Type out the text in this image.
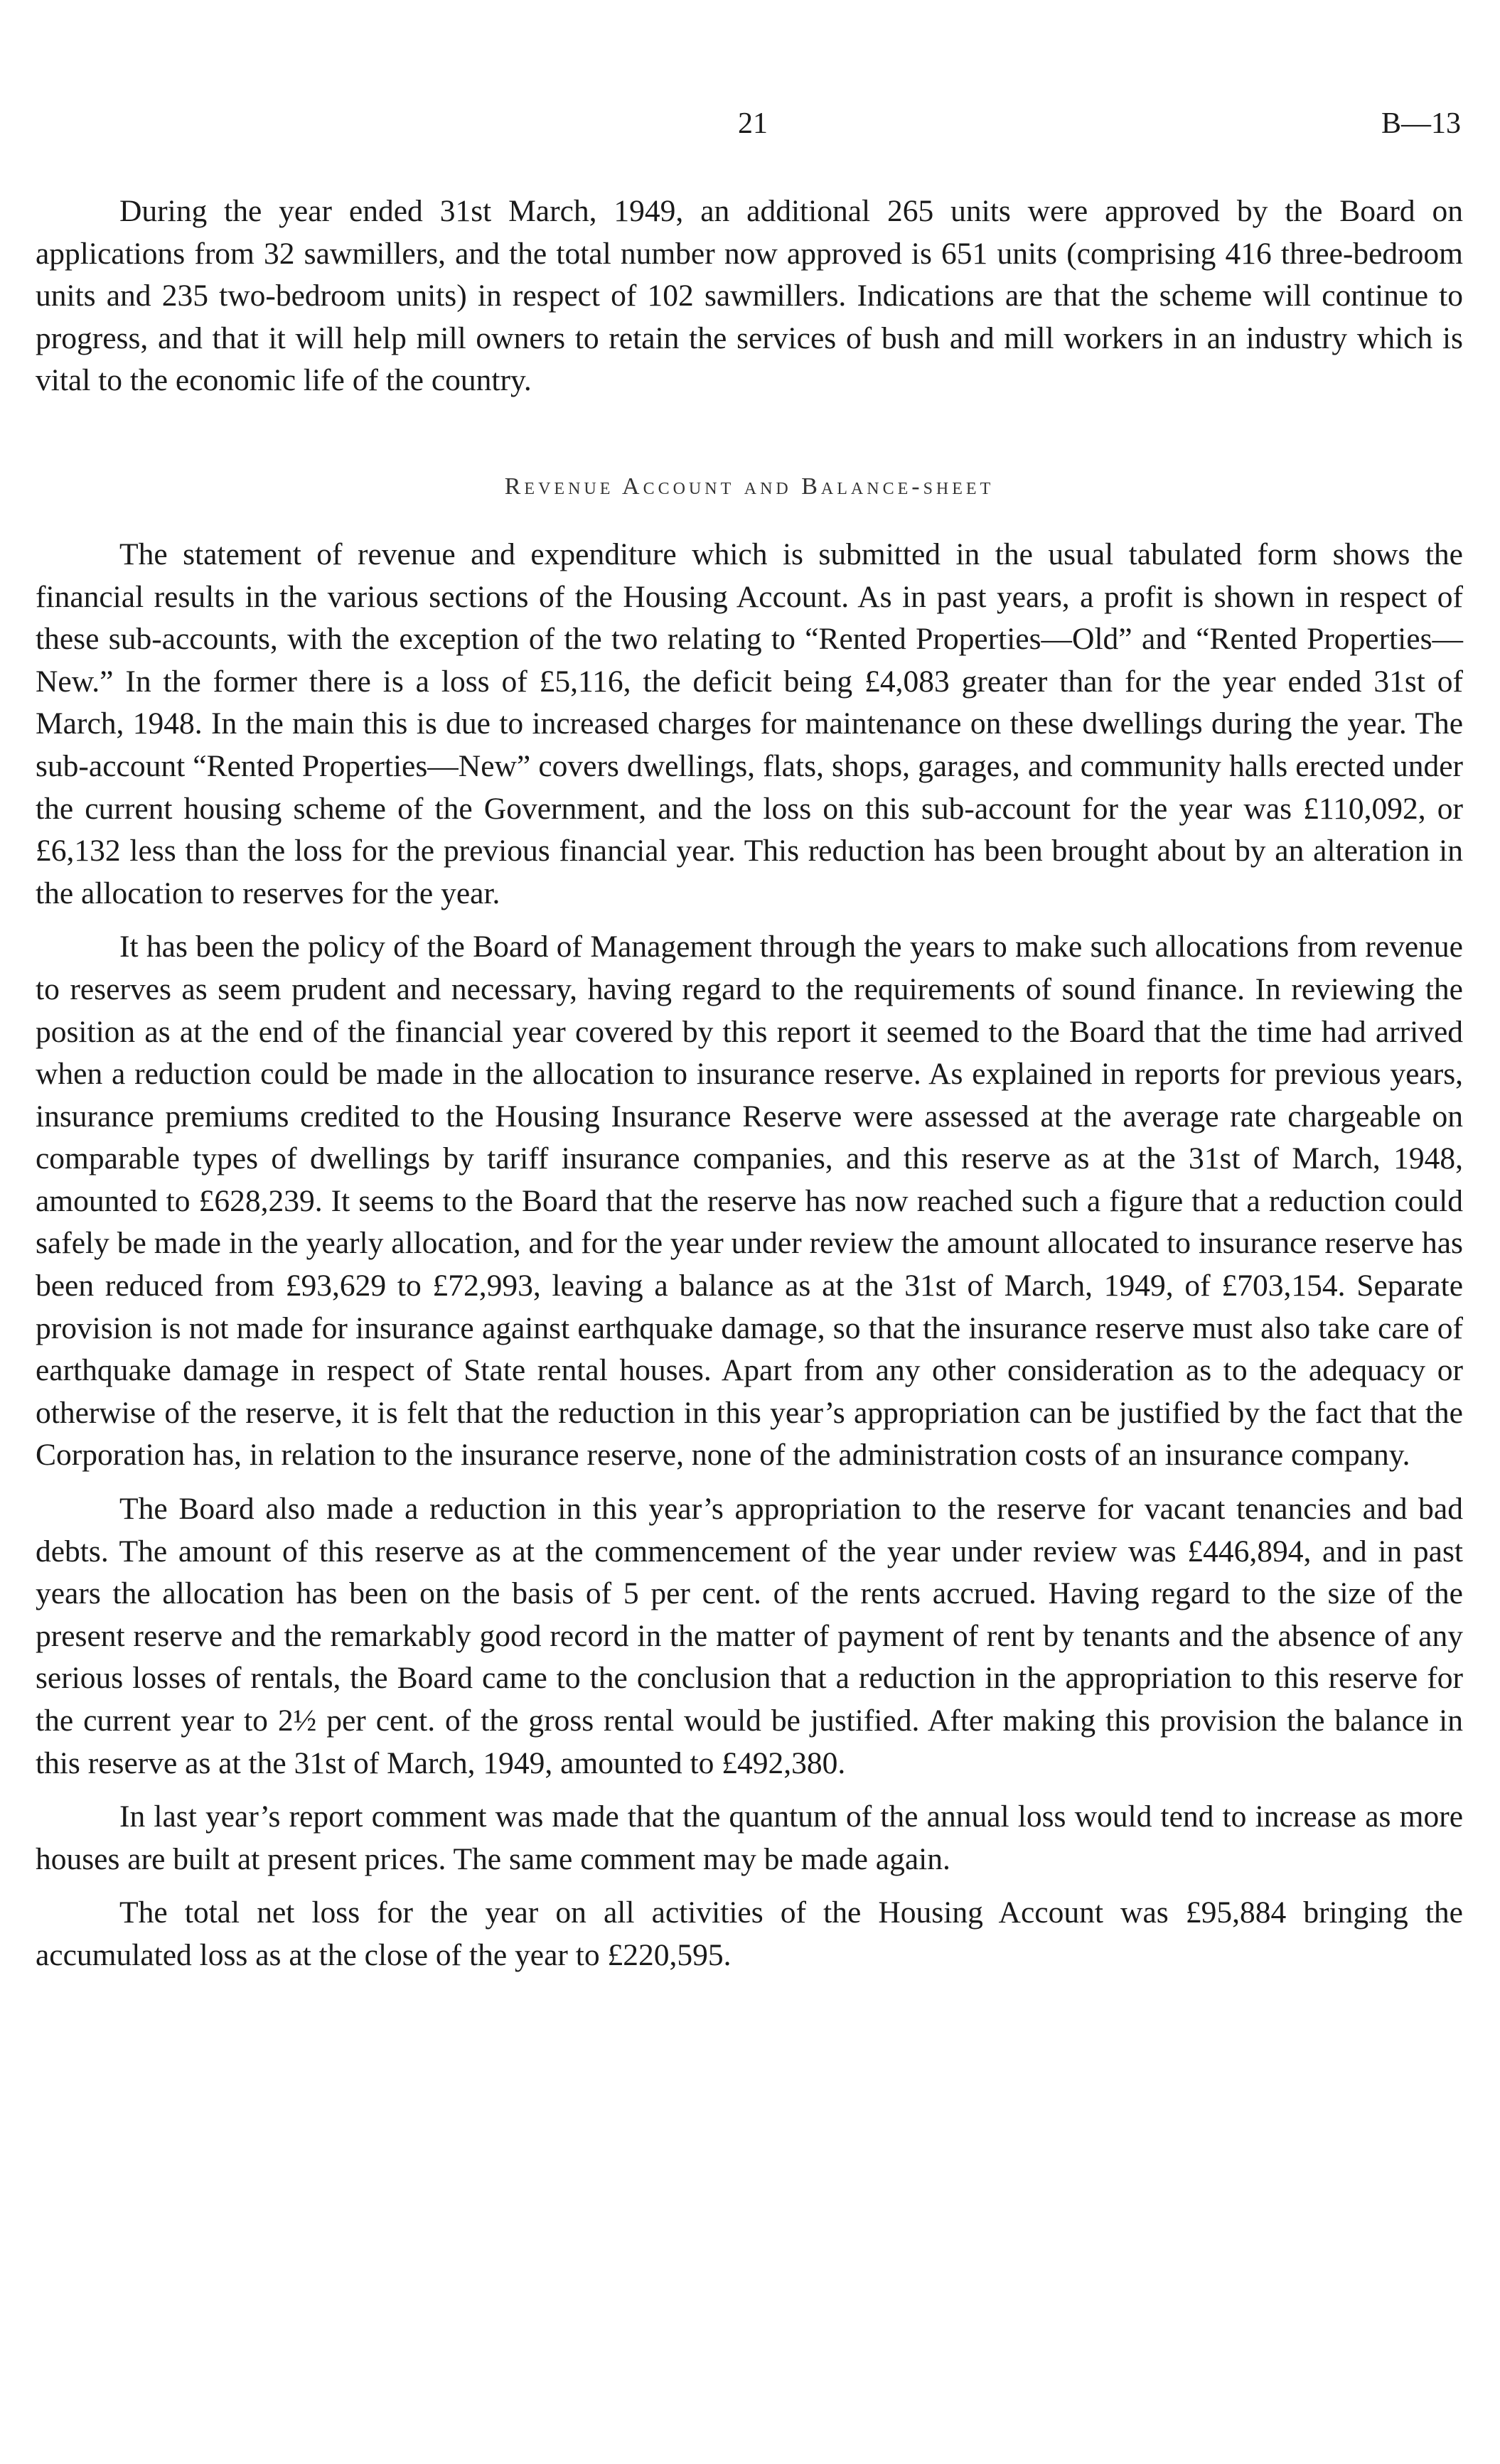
21	B—13

During the year ended 31st March, 1949, an additional 265 units were approved by the Board on applications from 32 sawmillers, and the total number now approved is 651 units (comprising 416 three-bedroom units and 235 two-bedroom units) in respect of 102 sawmillers. Indications are that the scheme will continue to progress, and that it will help mill owners to retain the services of bush and mill workers in an industry which is vital to the economic life of the country.

Revenue Account and Balance-sheet

The statement of revenue and expenditure which is submitted in the usual tabulated form shows the financial results in the various sections of the Housing Account. As in past years, a profit is shown in respect of these sub-accounts, with the exception of the two relating to “Rented Properties—Old” and “Rented Properties—New.” In the former there is a loss of £5,116, the deficit being £4,083 greater than for the year ended 31st of March, 1948. In the main this is due to increased charges for maintenance on these dwellings during the year. The sub-account “Rented Properties—New” covers dwellings, flats, shops, garages, and community halls erected under the current housing scheme of the Government, and the loss on this sub-account for the year was £110,092, or £6,132 less than the loss for the previous financial year. This reduction has been brought about by an alteration in the allocation to reserves for the year.

It has been the policy of the Board of Management through the years to make such allocations from revenue to reserves as seem prudent and necessary, having regard to the requirements of sound finance. In reviewing the position as at the end of the financial year covered by this report it seemed to the Board that the time had arrived when a reduction could be made in the allocation to insurance reserve. As explained in reports for previous years, insurance premiums credited to the Housing Insurance Reserve were assessed at the average rate chargeable on comparable types of dwellings by tariff insurance companies, and this reserve as at the 31st of March, 1948, amounted to £628,239. It seems to the Board that the reserve has now reached such a figure that a reduction could safely be made in the yearly allocation, and for the year under review the amount allocated to insurance reserve has been reduced from £93,629 to £72,993, leaving a balance as at the 31st of March, 1949, of £703,154. Separate provision is not made for insurance against earthquake damage, so that the insurance reserve must also take care of earthquake damage in respect of State rental houses. Apart from any other consideration as to the adequacy or otherwise of the reserve, it is felt that the reduction in this year’s appropriation can be justified by the fact that the Corporation has, in relation to the insurance reserve, none of the administration costs of an insurance company.

The Board also made a reduction in this year’s appropriation to the reserve for vacant tenancies and bad debts. The amount of this reserve as at the commencement of the year under review was £446,894, and in past years the allocation has been on the basis of 5 per cent. of the rents accrued. Having regard to the size of the present reserve and the remarkably good record in the matter of payment of rent by tenants and the absence of any serious losses of rentals, the Board came to the conclusion that a reduction in the appropriation to this reserve for the current year to 2½ per cent. of the gross rental would be justified. After making this provision the balance in this reserve as at the 31st of March, 1949, amounted to £492,380.

In last year’s report comment was made that the quantum of the annual loss would tend to increase as more houses are built at present prices. The same comment may be made again.

The total net loss for the year on all activities of the Housing Account was £95,884 bringing the accumulated loss as at the close of the year to £220,595.
